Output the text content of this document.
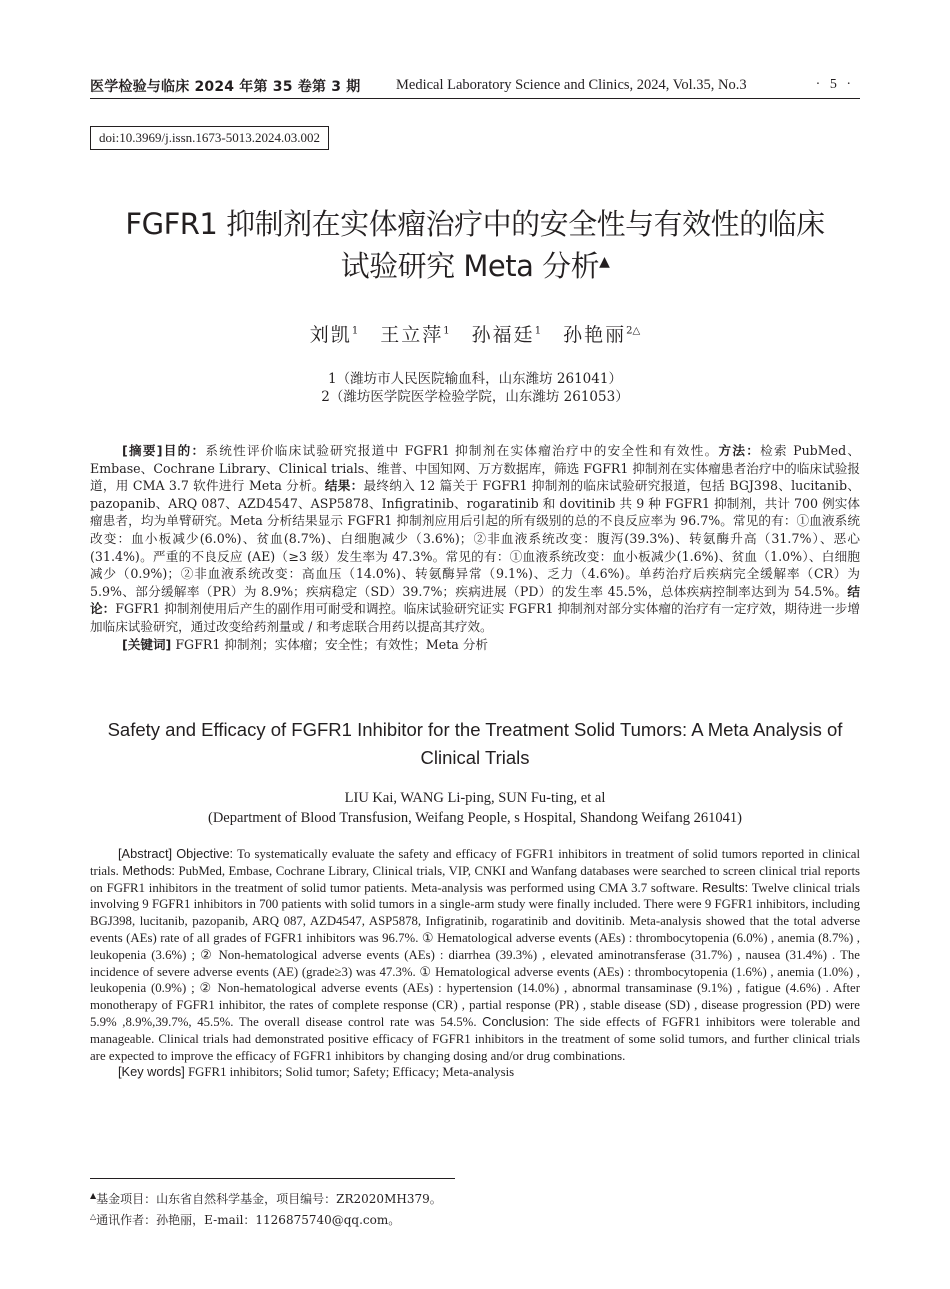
医学检验与临床 2024 年第 35 卷第 3 期 Medical Laboratory Science and Clinics, 2024, Vol.35, No.3	· 5 ·
doi:10.3969/j.issn.1673-5013.2024.03.002
FGFR1 抑制剂在实体瘤治疗中的安全性与有效性的临床
试验研究 Meta 分析▲
刘凯$^1$ 王立萍$^1$ 孙福廷$^1$ 孙艳丽$^{2\triangle}$
1（潍坊市人民医院输血科，山东潍坊 261041）
2（潍坊医学院医学检验学院，山东潍坊 261053）

[摘要]目的：系统性评价临床试验研究报道中 FGFR1 抑制剂在实体瘤治疗中的安全性和有效性。方法：检索 PubMed、Embase、Cochrane Library、Clinical trials、维普、中国知网、万方数据库，筛选 FGFR1 抑制剂在实体瘤患者治疗中的临床试验报道，用 CMA 3.7 软件进行 Meta 分析。结果：最终纳入 12 篇关于 FGFR1 抑制剂的临床试验研究报道，包括 BGJ398、lucitanib、pazopanib、ARQ 087、AZD4547、ASP5878、Infigratinib、rogaratinib 和 dovitinib 共 9 种 FGFR1 抑制剂，共计 700 例实体瘤患者，均为单臂研究。Meta 分析结果显示 FGFR1 抑制剂应用后引起的所有级别的总的不良反应率为 96.7%。常见的有：①血液系统改变：血小板减少(6.0%)、贫血(8.7%)、白细胞减少（3.6%)；②非血液系统改变：腹泻(39.3%)、转氨酶升高（31.7%）、恶心(31.4%)。严重的不良反应 (AE)（≥3 级）发生率为 47.3%。常见的有：①血液系统改变：血小板减少(1.6%)、贫血（1.0%）、白细胞减少（0.9%)；②非血液系统改变：高血压（14.0%)、转氨酶异常（9.1%)、乏力（4.6%)。单药治疗后疾病完全缓解率（CR）为 5.9%、部分缓解率（PR）为 8.9%；疾病稳定（SD）39.7%；疾病进展（PD）的发生率 45.5%，总体疾病控制率达到为 54.5%。结论：FGFR1 抑制剂使用后产生的副作用可耐受和调控。临床试验研究证实 FGFR1 抑制剂对部分实体瘤的治疗有一定疗效，期待进一步增加临床试验研究，通过改变给药剂量或 / 和考虑联合用药以提高其疗效。

[关键词] FGFR1 抑制剂；实体瘤；安全性；有效性；Meta 分析

Safety and Efficacy of FGFR1 Inhibitor for the Treatment Solid Tumors: A Meta Analysis of
Clinical Trials
LIU Kai, WANG Li-ping, SUN Fu-ting, et al
(Department of Blood Transfusion, Weifang People, s Hospital, Shandong Weifang 261041)

[Abstract] Objective: To systematically evaluate the safety and efficacy of FGFR1 inhibitors in treatment of solid tumors reported in clinical trials. Methods: PubMed, Embase, Cochrane Library, Clinical trials, VIP, CNKI and Wanfang databases were searched to screen clinical trial reports on FGFR1 inhibitors in the treatment of solid tumor patients. Meta-analysis was performed using CMA 3.7 software. Results: Twelve clinical trials involving 9 FGFR1 inhibitors in 700 patients with solid tumors in a single-arm study were finally included. There were 9 FGFR1 inhibitors, including BGJ398, lucitanib, pazopanib, ARQ 087, AZD4547, ASP5878, Infigratinib, rogaratinib and dovitinib. Meta-analysis showed that the total adverse events (AEs) rate of all grades of FGFR1 inhibitors was 96.7%. ① Hematological adverse events (AEs) : thrombocytopenia (6.0%) , anemia (8.7%) , leukopenia (3.6%) ; ② Non-hematological adverse events (AEs) : diarrhea (39.3%) , elevated aminotransferase (31.7%) , nausea (31.4%) . The incidence of severe adverse events (AE) (grade≥3) was 47.3%. ① Hematological adverse events (AEs) : thrombocytopenia (1.6%) , anemia (1.0%) , leukopenia (0.9%) ; ② Non-hematological adverse events (AEs) : hypertension (14.0%) , abnormal transaminase (9.1%) , fatigue (4.6%) . After monotherapy of FGFR1 inhibitor, the rates of complete response (CR) , partial response (PR) , stable disease (SD) , disease progression (PD) were 5.9% ,8.9%,39.7%, 45.5%. The overall disease control rate was 54.5%. Conclusion: The side effects of FGFR1 inhibitors were tolerable and manageable. Clinical trials had demonstrated positive efficacy of FGFR1 inhibitors in the treatment of some solid tumors, and further clinical trials are expected to improve the efficacy of FGFR1 inhibitors by changing dosing and/or drug combinations.

[Key words] FGFR1 inhibitors; Solid tumor; Safety; Efficacy; Meta-analysis

▲基金项目：山东省自然科学基金，项目编号：ZR2020MH379。

△通讯作者：孙艳丽，E-mail：1126875740@qq.com。
